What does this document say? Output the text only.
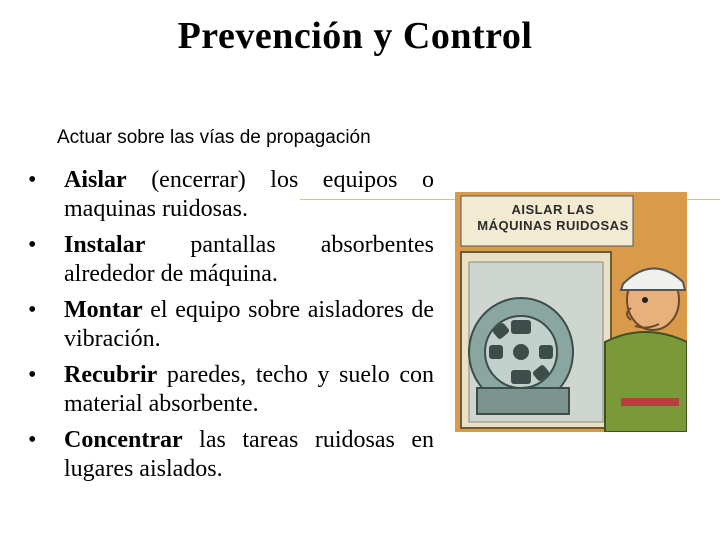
Prevención y Control
Actuar sobre las vías de propagación
• Aislar (encerrar) los equipos o maquinas ruidosas.
• Instalar pantallas absorbentes alrededor de máquina.
• Montar el equipo sobre aisladores de vibración.
• Recubrir paredes, techo y suelo con material absorbente.
• Concentrar las tareas ruidosas en lugares aislados.
AISLAR LAS MÁQUINAS RUIDOSAS
